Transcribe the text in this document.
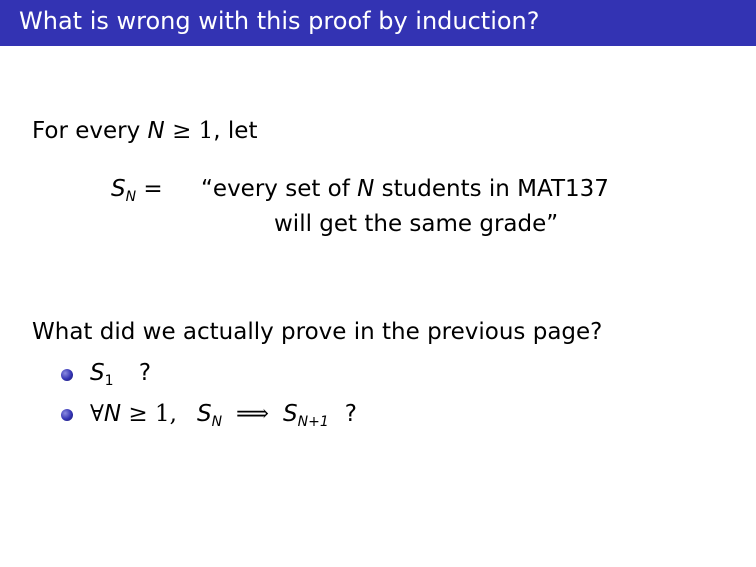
What is wrong with this proof by induction?
For every N ≥ 1, let
$S_N$ = “every set of N students in MAT137
will get the same grade”
What did we actually prove in the previous page?
$S_1$ ?
∀N ≥ 1, $S_N$ ⟹ $S_{N+1}$ ?
